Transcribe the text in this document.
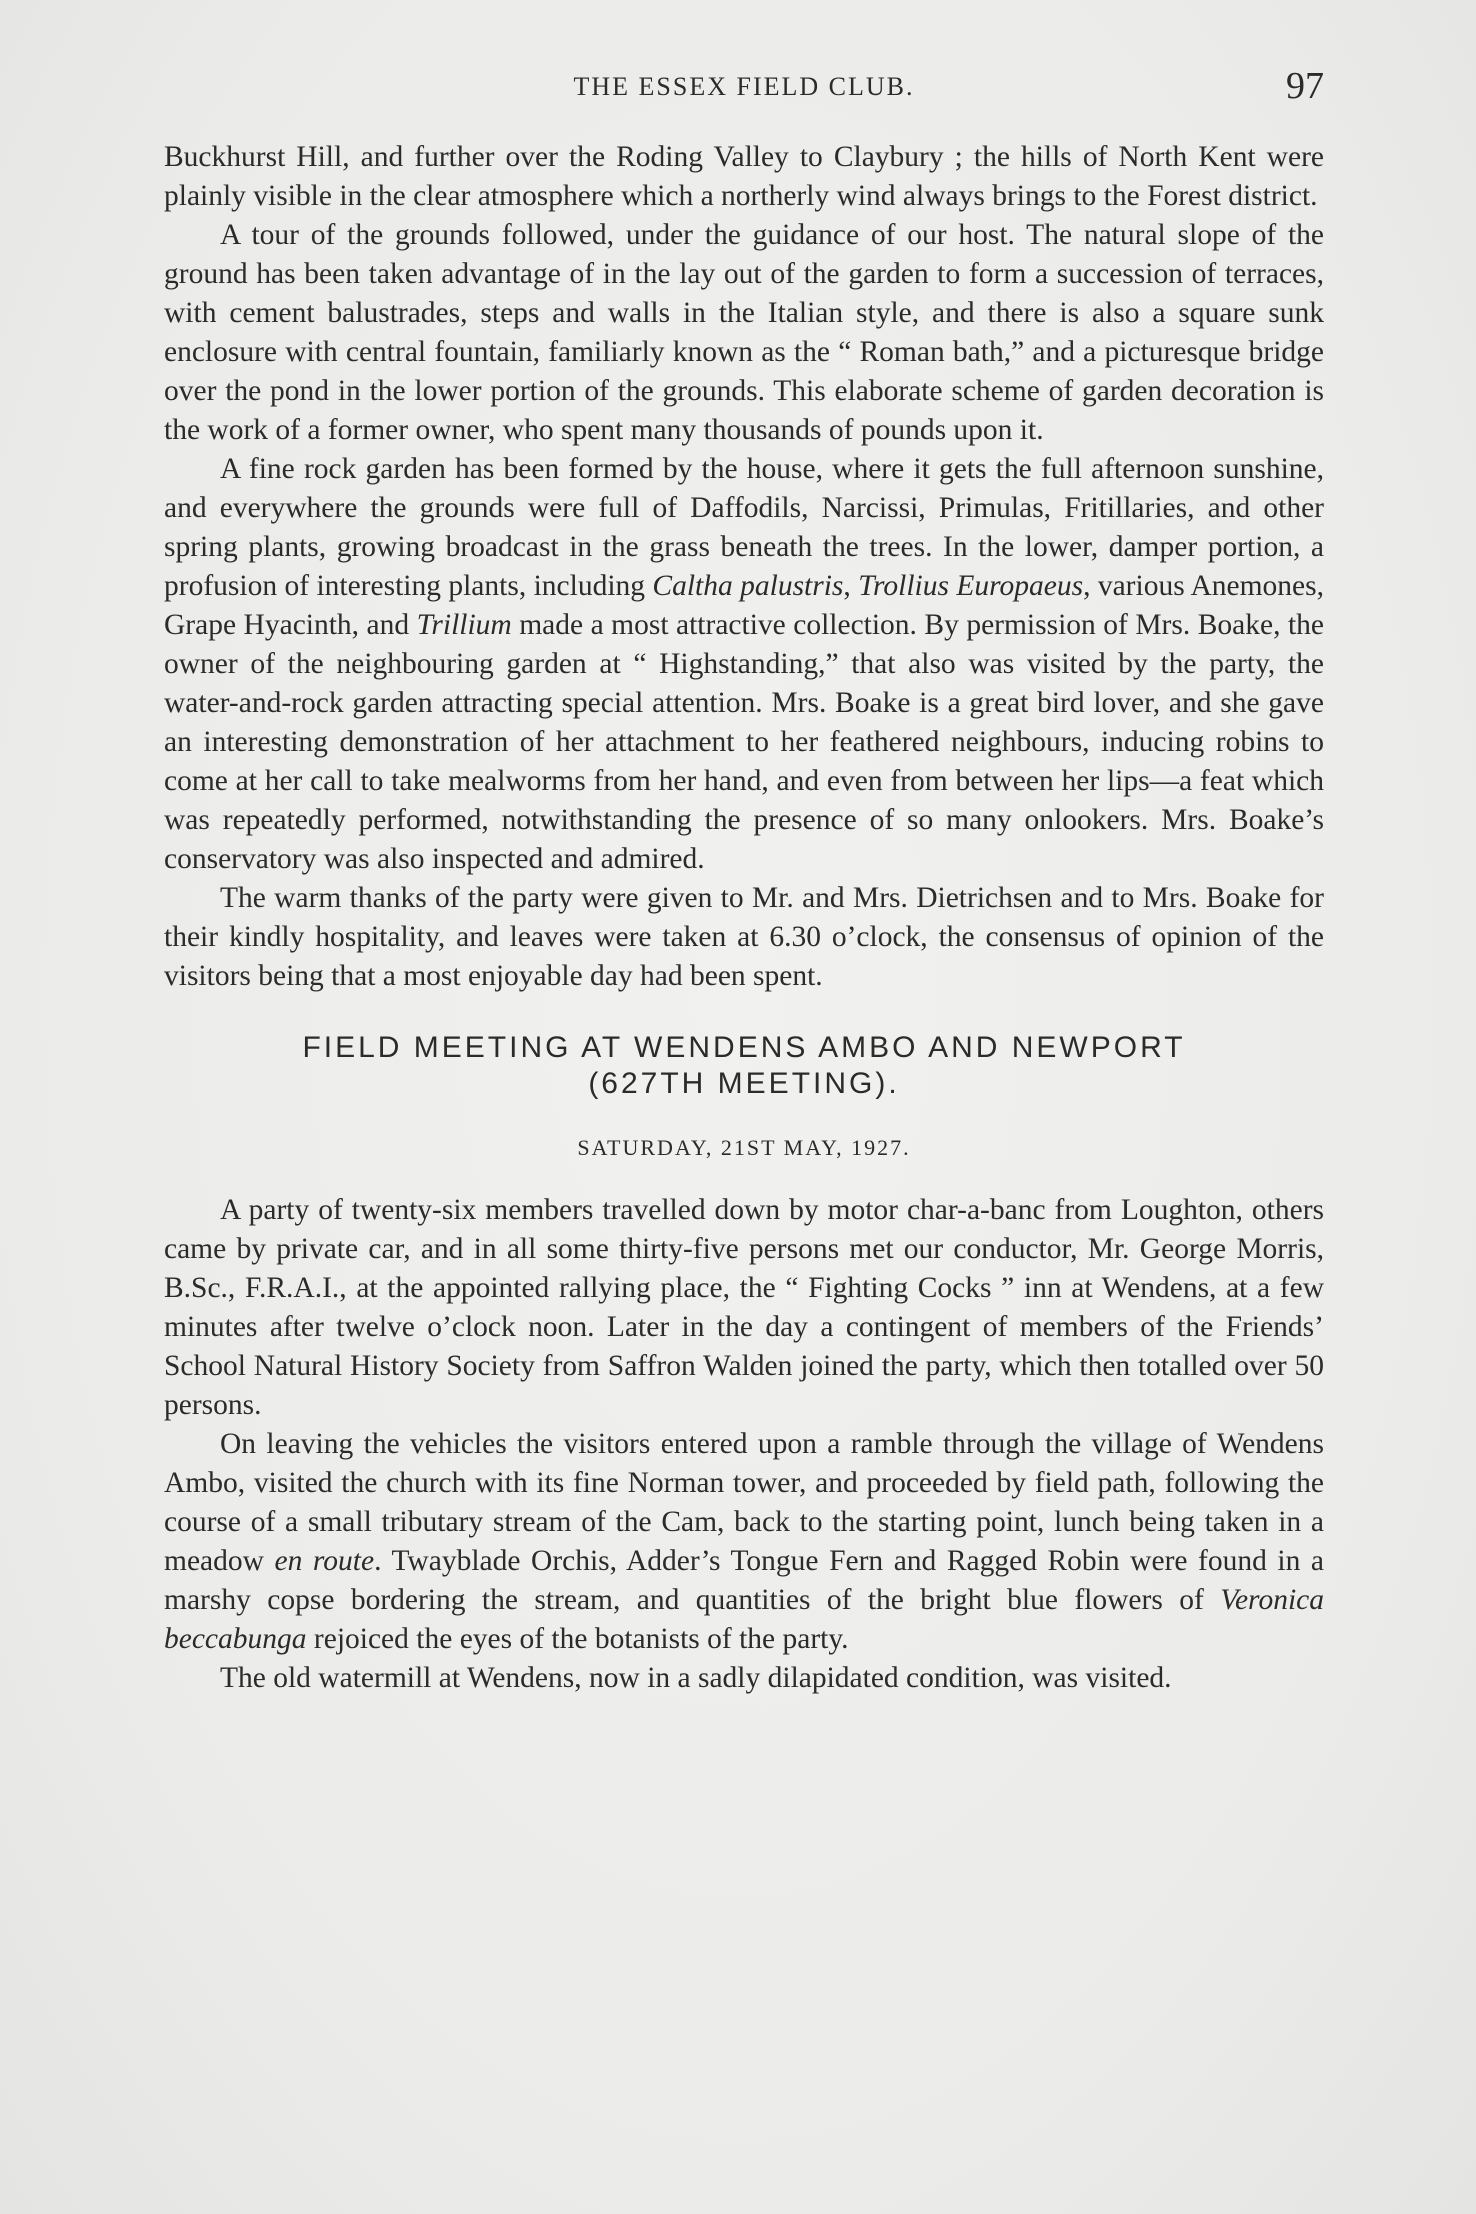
THE ESSEX FIELD CLUB.	97

Buckhurst Hill, and further over the Roding Valley to Claybury ; the hills of North Kent were plainly visible in the clear atmosphere which a northerly wind always brings to the Forest district.

A tour of the grounds followed, under the guidance of our host. The natural slope of the ground has been taken advantage of in the lay out of the garden to form a succession of terraces, with cement balustrades, steps and walls in the Italian style, and there is also a square sunk enclosure with central fountain, familiarly known as the “ Roman bath,” and a picturesque bridge over the pond in the lower portion of the grounds. This elaborate scheme of garden decoration is the work of a former owner, who spent many thousands of pounds upon it.

A fine rock garden has been formed by the house, where it gets the full afternoon sunshine, and everywhere the grounds were full of Daffodils, Narcissi, Primulas, Fritillaries, and other spring plants, growing broadcast in the grass beneath the trees. In the lower, damper portion, a profusion of interesting plants, including Caltha palustris, Trollius Europaeus, various Anemones, Grape Hyacinth, and Trillium made a most attractive collection. By permission of Mrs. Boake, the owner of the neighbouring garden at “ Highstanding,” that also was visited by the party, the water-and-rock garden attracting special attention. Mrs. Boake is a great bird lover, and she gave an interesting demonstration of her attachment to her feathered neighbours, inducing robins to come at her call to take mealworms from her hand, and even from between her lips—a feat which was repeatedly performed, notwithstanding the presence of so many onlookers. Mrs. Boake’s conservatory was also inspected and admired.

The warm thanks of the party were given to Mr. and Mrs. Dietrichsen and to Mrs. Boake for their kindly hospitality, and leaves were taken at 6.30 o’clock, the consensus of opinion of the visitors being that a most enjoyable day had been spent.

FIELD MEETING AT WENDENS AMBO AND NEWPORT
(627TH MEETING).
SATURDAY, 21ST MAY, 1927.

A party of twenty-six members travelled down by motor char-a-banc from Loughton, others came by private car, and in all some thirty-five persons met our conductor, Mr. George Morris, B.Sc., F.R.A.I., at the appointed rallying place, the “ Fighting Cocks ” inn at Wendens, at a few minutes after twelve o’clock noon. Later in the day a contingent of members of the Friends’ School Natural History Society from Saffron Walden joined the party, which then totalled over 50 persons.

On leaving the vehicles the visitors entered upon a ramble through the village of Wendens Ambo, visited the church with its fine Norman tower, and proceeded by field path, following the course of a small tributary stream of the Cam, back to the starting point, lunch being taken in a meadow en route. Twayblade Orchis, Adder’s Tongue Fern and Ragged Robin were found in a marshy copse bordering the stream, and quantities of the bright blue flowers of Veronica beccabunga rejoiced the eyes of the botanists of the party.

The old watermill at Wendens, now in a sadly dilapidated condition, was visited.
